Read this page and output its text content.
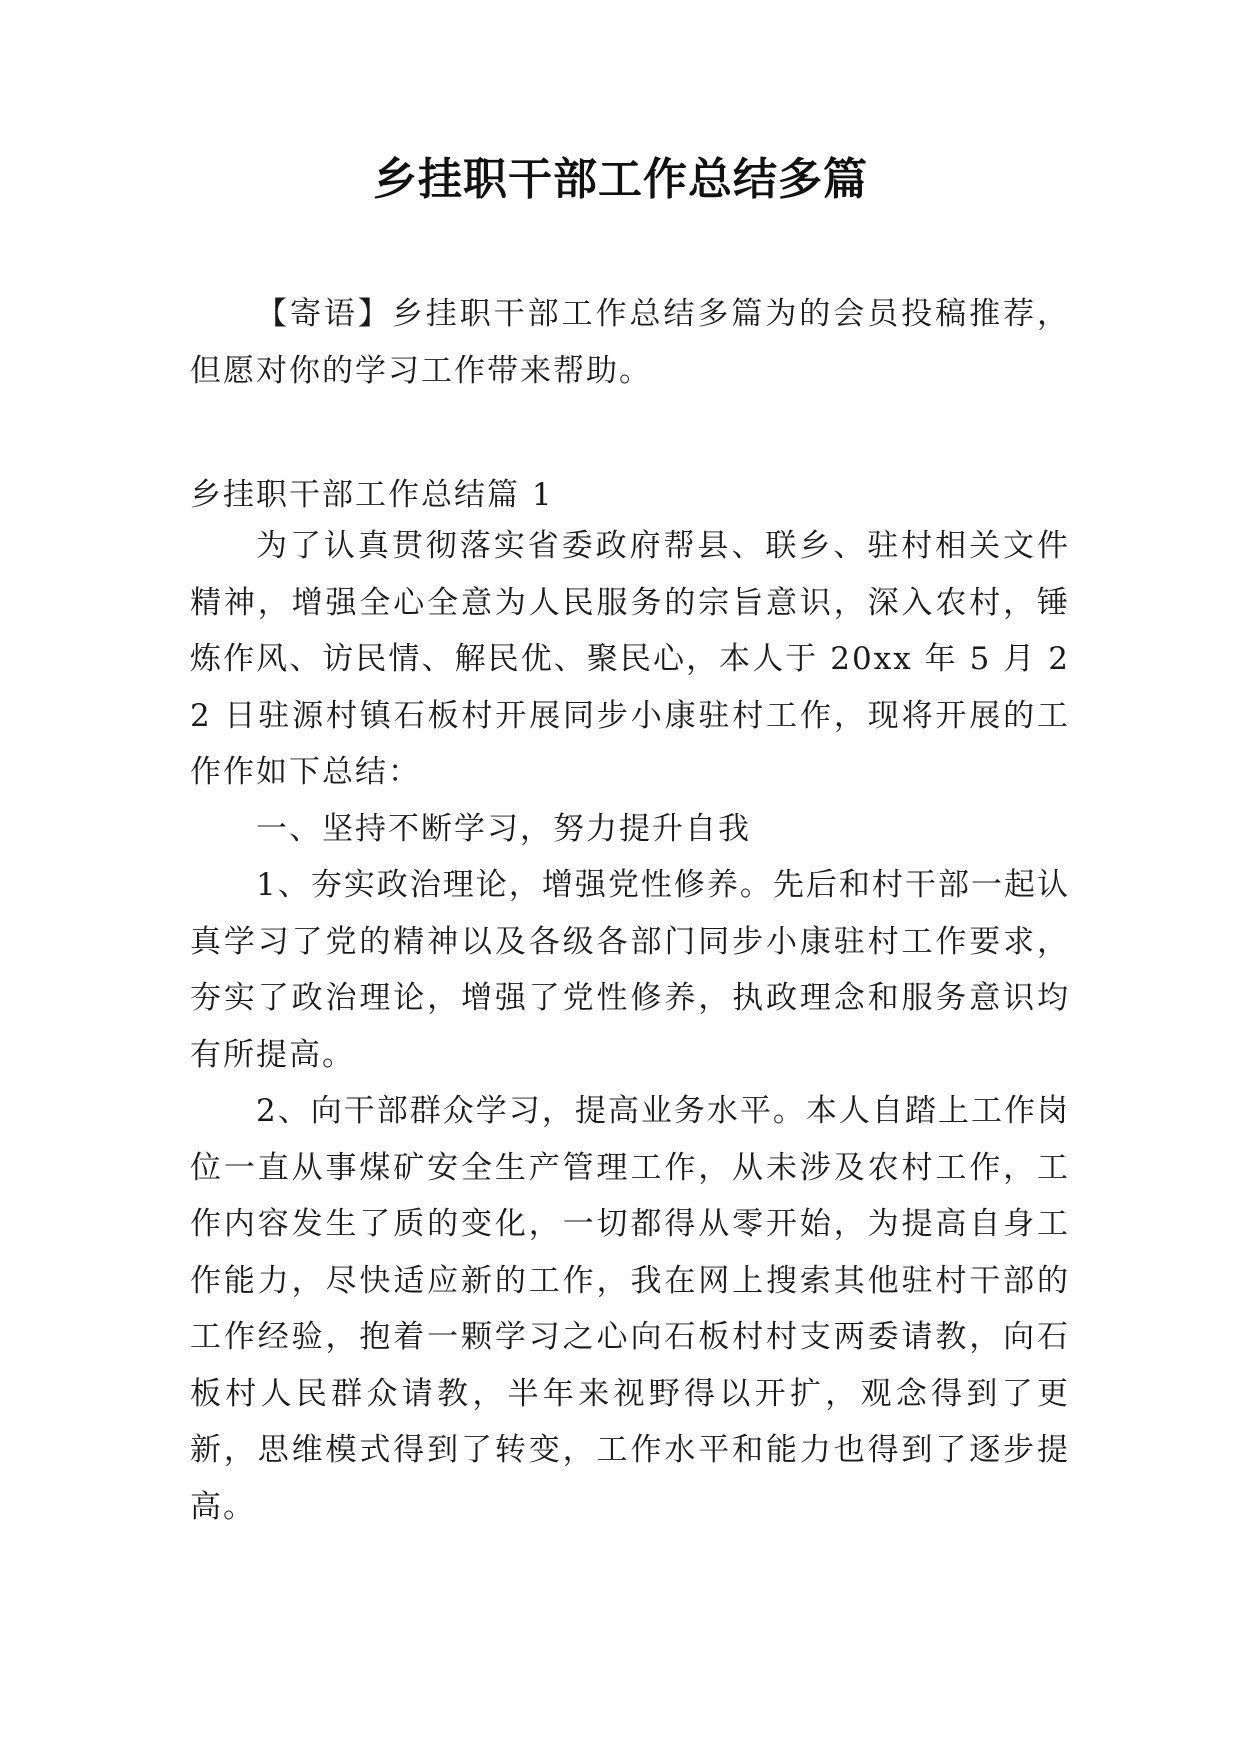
乡挂职干部工作总结多篇
【寄语】乡挂职干部工作总结多篇为的会员投稿推荐，但愿对你的学习工作带来帮助。
乡挂职干部工作总结篇 1

为了认真贯彻落实省委政府帮县、联乡、驻村相关文件精神，增强全心全意为人民服务的宗旨意识，深入农村，锤炼作风、访民情、解民优、聚民心，本人于 20xx 年 5 月 22 日驻源村镇石板村开展同步小康驻村工作，现将开展的工作作如下总结：

一、坚持不断学习，努力提升自我

1、夯实政治理论，增强党性修养。先后和村干部一起认真学习了党的精神以及各级各部门同步小康驻村工作要求，夯实了政治理论，增强了党性修养，执政理念和服务意识均有所提高。

2、向干部群众学习，提高业务水平。本人自踏上工作岗位一直从事煤矿安全生产管理工作，从未涉及农村工作，工作内容发生了质的变化，一切都得从零开始，为提高自身工作能力，尽快适应新的工作，我在网上搜索其他驻村干部的工作经验，抱着一颗学习之心向石板村村支两委请教，向石板村人民群众请教，半年来视野得以开扩，观念得到了更新，思维模式得到了转变，工作水平和能力也得到了逐步提高。
